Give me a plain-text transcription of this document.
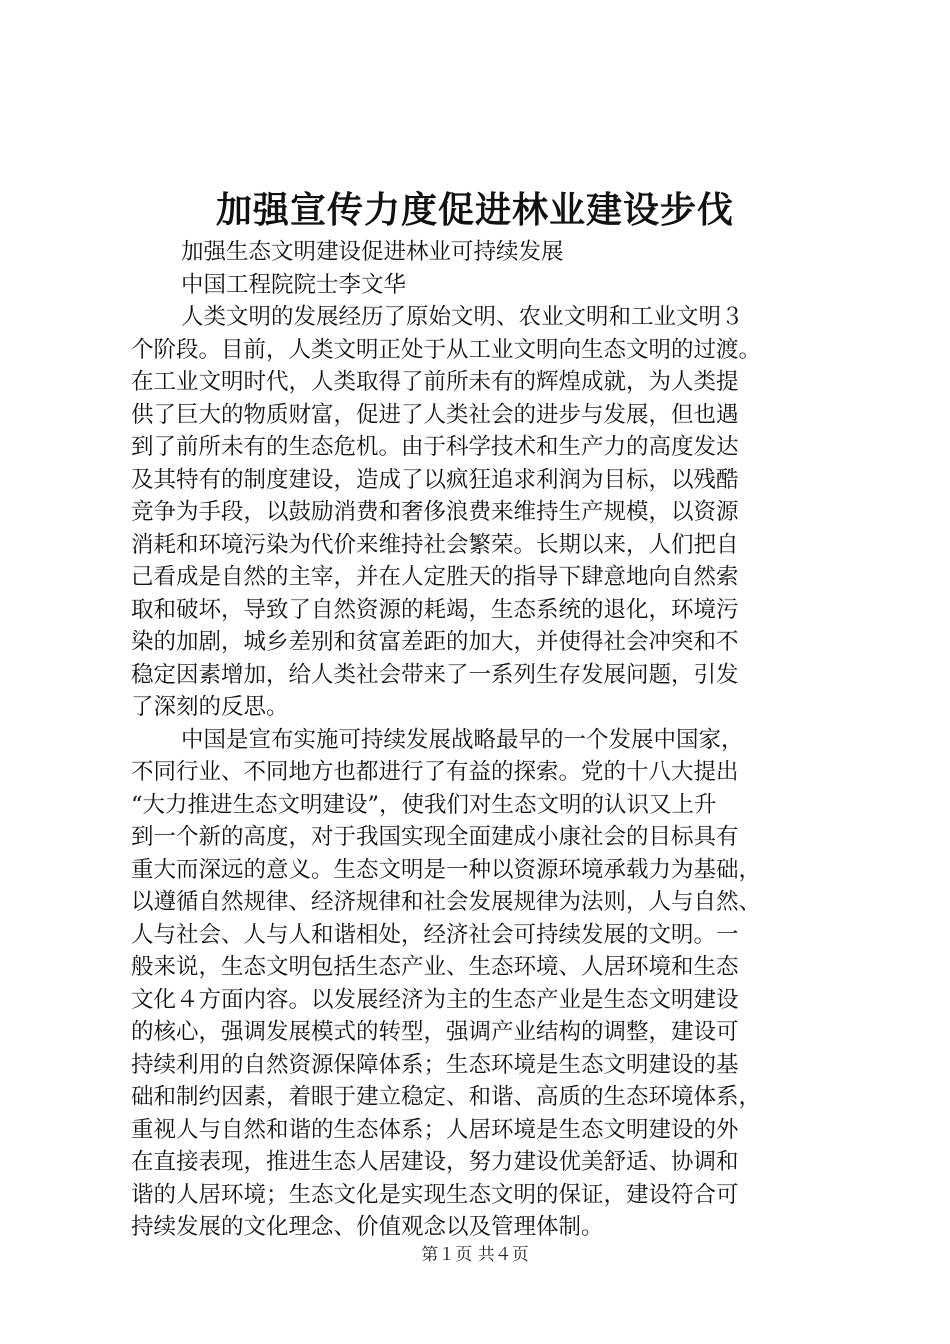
加强宣传力度促进林业建设步伐
加强生态文明建设促进林业可持续发展
中国工程院院士李文华
人类文明的发展经历了原始文明、农业文明和工业文明３
个阶段。目前，人类文明正处于从工业文明向生态文明的过渡。
在工业文明时代，人类取得了前所未有的辉煌成就，为人类提
供了巨大的物质财富，促进了人类社会的进步与发展，但也遇
到了前所未有的生态危机。由于科学技术和生产力的高度发达
及其特有的制度建设，造成了以疯狂追求利润为目标，以残酷
竞争为手段，以鼓励消费和奢侈浪费来维持生产规模，以资源
消耗和环境污染为代价来维持社会繁荣。长期以来，人们把自
己看成是自然的主宰，并在人定胜天的指导下肆意地向自然索
取和破坏，导致了自然资源的耗竭，生态系统的退化，环境污
染的加剧，城乡差别和贫富差距的加大，并使得社会冲突和不
稳定因素增加，给人类社会带来了一系列生存发展问题，引发
了深刻的反思。
中国是宣布实施可持续发展战略最早的一个发展中国家，
不同行业、不同地方也都进行了有益的探索。党的十八大提出
“大力推进生态文明建设”，使我们对生态文明的认识又上升
到一个新的高度，对于我国实现全面建成小康社会的目标具有
重大而深远的意义。生态文明是一种以资源环境承载力为基础，
以遵循自然规律、经济规律和社会发展规律为法则，人与自然、
人与社会、人与人和谐相处，经济社会可持续发展的文明。一
般来说，生态文明包括生态产业、生态环境、人居环境和生态
文化４方面内容。以发展经济为主的生态产业是生态文明建设
的核心，强调发展模式的转型，强调产业结构的调整，建设可
持续利用的自然资源保障体系；生态环境是生态文明建设的基
础和制约因素，着眼于建立稳定、和谐、高质的生态环境体系，
重视人与自然和谐的生态体系；人居环境是生态文明建设的外
在直接表现，推进生态人居建设，努力建设优美舒适、协调和
谐的人居环境；生态文化是实现生态文明的保证，建设符合可
持续发展的文化理念、价值观念以及管理体制。
第１页 共４页
